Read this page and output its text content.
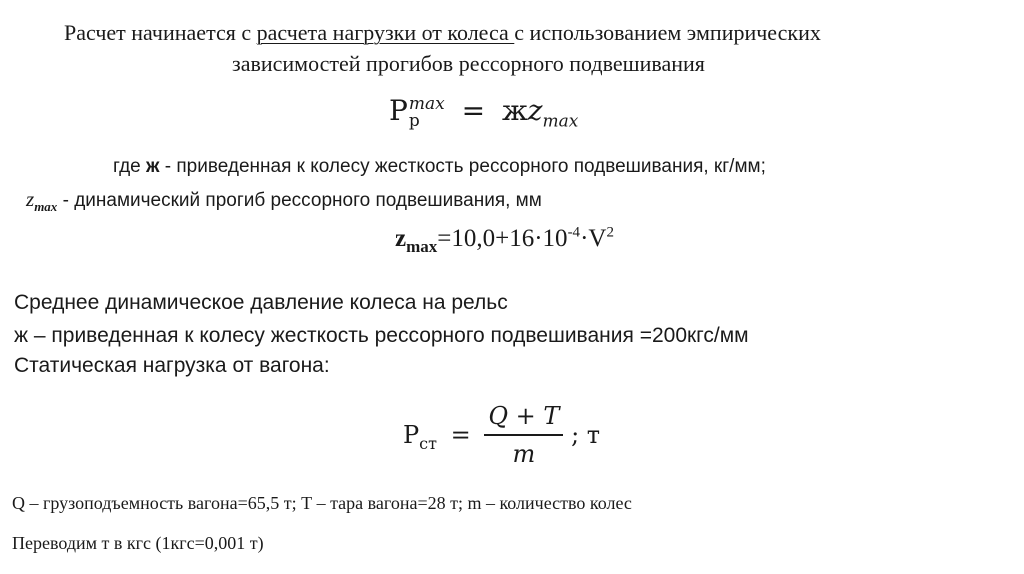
Расчет начинается с расчета нагрузки от колеса с использованием эмпирических
зависимостей прогибов рессорного подвешивания
P max
р	= $жz_{max}$
где ж - приведенная к колесу жесткость рессорного подвешивания, кг/мм;
$z_{max}$ - динамический прогиб рессорного подвешивания, мм
$z_{max}=10,0+16\cdot 10^{-4}\cdot V^2$
Среднее динамическое давление колеса на рельс
ж – приведенная к колесу жесткость рессорного подвешивания =200кгс/мм
Статическая нагрузка от вагона:
$P_{ст} = \frac{Q + T}{m}$ ; т
Q – грузоподъемность вагона=65,5 т; Т – тара вагона=28 т; m – количество колес
Переводим т в кгс (1кгс=0,001 т)
